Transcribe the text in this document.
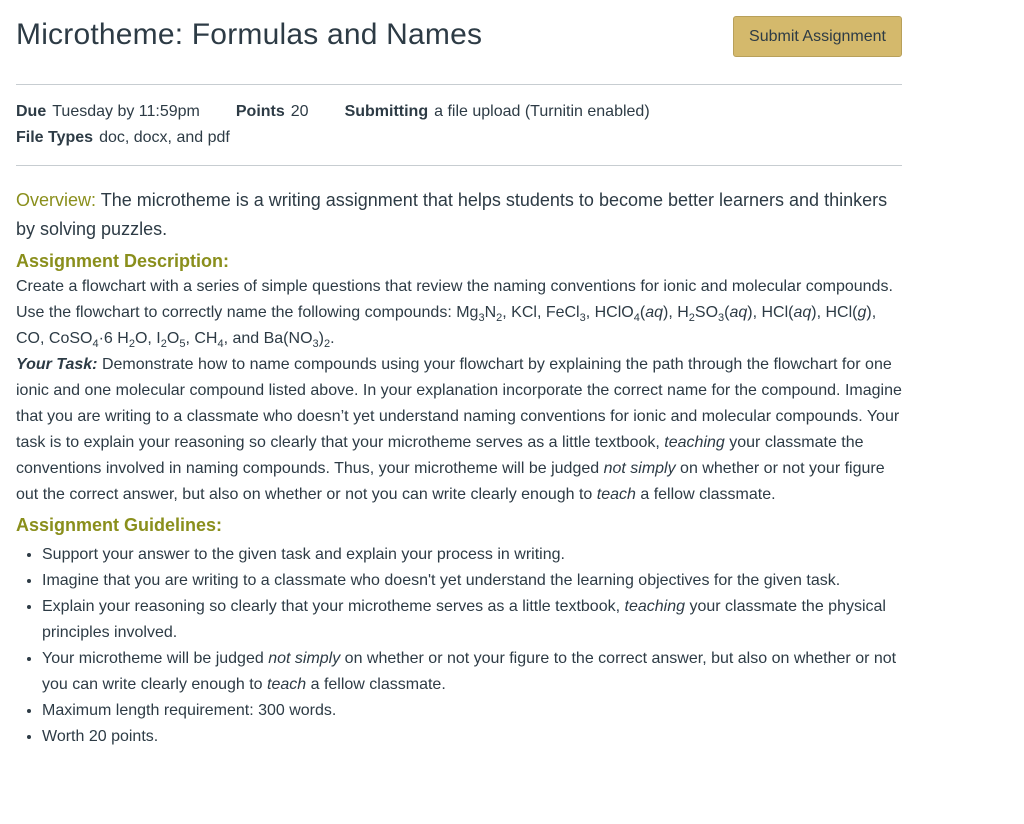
Microtheme: Formulas and Names	Submit Assignment
Due Tuesday by 11:59pm Points 20 Submitting a file upload (Turnitin enabled)
File Types doc, docx, and pdf

Overview: The microtheme is a writing assignment that helps students to become better learners and thinkers by solving puzzles.

Assignment Description:

Create a flowchart with a series of simple questions that review the naming conventions for ionic and molecular compounds. Use the flowchart to correctly name the following compounds: $Mg_3N_2$, KCl, FeCl$_3$, HClO$_4$(aq), $H_2SO_3(aq)$, HCl(aq), HCl(g), CO, CoSO$_4$·6 $H_2O$, $I_2O_5$, $CH_4$, and $Ba(NO_3)_2$.

Your Task: Demonstrate how to name compounds using your flowchart by explaining the path through the flowchart for one ionic and one molecular compound listed above. In your explanation incorporate the correct name for the compound. Imagine that you are writing to a classmate who doesn’t yet understand naming conventions for ionic and molecular compounds. Your task is to explain your reasoning so clearly that your microtheme serves as a little textbook, teaching your classmate the conventions involved in naming compounds. Thus, your microtheme will be judged not simply on whether or not your figure out the correct answer, but also on whether or not you can write clearly enough to teach a fellow classmate.

Assignment Guidelines:
• Support your answer to the given task and explain your process in writing.
• Imagine that you are writing to a classmate who doesn't yet understand the learning objectives for the given task.
• Explain your reasoning so clearly that your microtheme serves as a little textbook, teaching your classmate the physical principles involved.
• Your microtheme will be judged not simply on whether or not your figure to the correct answer, but also on whether or not you can write clearly enough to teach a fellow classmate.
• Maximum length requirement: 300 words.
• Worth 20 points.
